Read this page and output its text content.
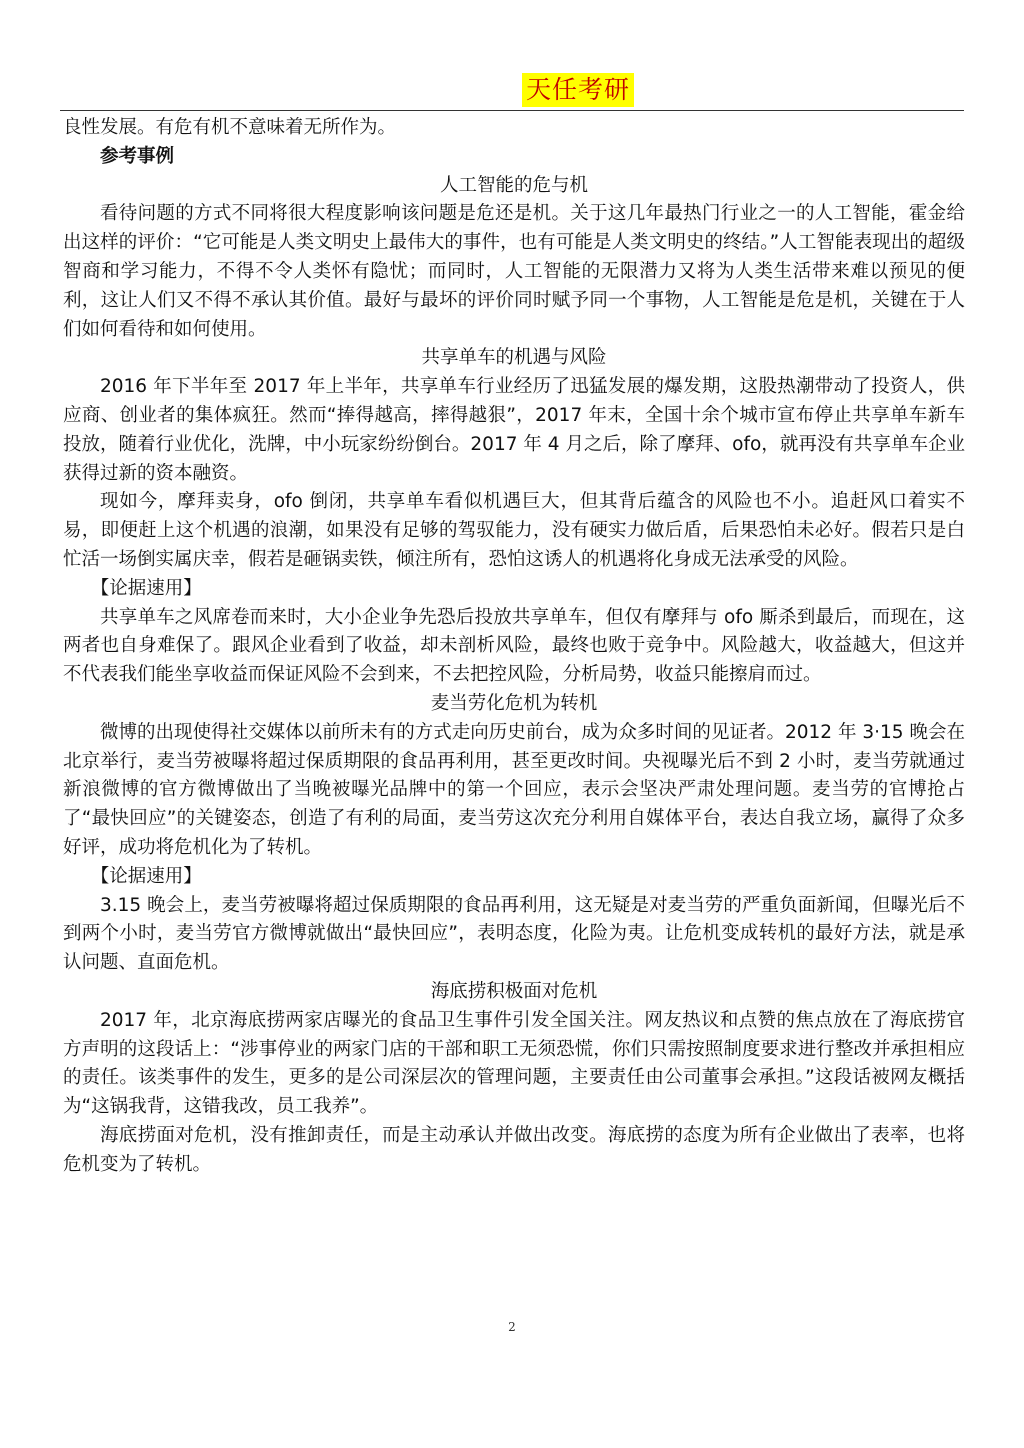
天任考研

良性发展。有危有机不意味着无所作为。

参考事例

人工智能的危与机

看待问题的方式不同将很大程度影响该问题是危还是机。关于这几年最热门行业之一的人工智能，霍金给出这样的评价：“它可能是人类文明史上最伟大的事件，也有可能是人类文明史的终结。”人工智能表现出的超级智商和学习能力，不得不令人类怀有隐忧；而同时，人工智能的无限潜力又将为人类生活带来难以预见的便利，这让人们又不得不承认其价值。最好与最坏的评价同时赋予同一个事物，人工智能是危是机，关键在于人们如何看待和如何使用。

共享单车的机遇与风险

2016 年下半年至 2017 年上半年，共享单车行业经历了迅猛发展的爆发期，这股热潮带动了投资人，供应商、创业者的集体疯狂。然而“捧得越高，摔得越狠”，2017 年末，全国十余个城市宣布停止共享单车新车投放，随着行业优化，洗牌，中小玩家纷纷倒台。2017 年 4 月之后，除了摩拜、ofo，就再没有共享单车企业获得过新的资本融资。

现如今，摩拜卖身，ofo 倒闭，共享单车看似机遇巨大，但其背后蕴含的风险也不小。追赶风口着实不易，即便赶上这个机遇的浪潮，如果没有足够的驾驭能力，没有硬实力做后盾，后果恐怕未必好。假若只是白忙活一场倒实属庆幸，假若是砸锅卖铁，倾注所有，恐怕这诱人的机遇将化身成无法承受的风险。

【论据速用】

共享单车之风席卷而来时，大小企业争先恐后投放共享单车，但仅有摩拜与 ofo 厮杀到最后，而现在，这两者也自身难保了。跟风企业看到了收益，却未剖析风险，最终也败于竞争中。风险越大，收益越大，但这并不代表我们能坐享收益而保证风险不会到来，不去把控风险，分析局势，收益只能擦肩而过。

麦当劳化危机为转机

微博的出现使得社交媒体以前所未有的方式走向历史前台，成为众多时间的见证者。2012 年 3·15 晚会在北京举行，麦当劳被曝将超过保质期限的食品再利用，甚至更改时间。央视曝光后不到 2 小时，麦当劳就通过新浪微博的官方微博做出了当晚被曝光品牌中的第一个回应，表示会坚决严肃处理问题。麦当劳的官博抢占了“最快回应”的关键姿态，创造了有利的局面，麦当劳这次充分利用自媒体平台，表达自我立场，赢得了众多好评，成功将危机化为了转机。

【论据速用】

3.15 晚会上，麦当劳被曝将超过保质期限的食品再利用，这无疑是对麦当劳的严重负面新闻，但曝光后不到两个小时，麦当劳官方微博就做出“最快回应”，表明态度，化险为夷。让危机变成转机的最好方法，就是承认问题、直面危机。

海底捞积极面对危机

2017 年，北京海底捞两家店曝光的食品卫生事件引发全国关注。网友热议和点赞的焦点放在了海底捞官方声明的这段话上：“涉事停业的两家门店的干部和职工无须恐慌，你们只需按照制度要求进行整改并承担相应的责任。该类事件的发生，更多的是公司深层次的管理问题，主要责任由公司董事会承担。”这段话被网友概括为“这锅我背，这错我改，员工我养”。

海底捞面对危机，没有推卸责任，而是主动承认并做出改变。海底捞的态度为所有企业做出了表率，也将危机变为了转机。

2
